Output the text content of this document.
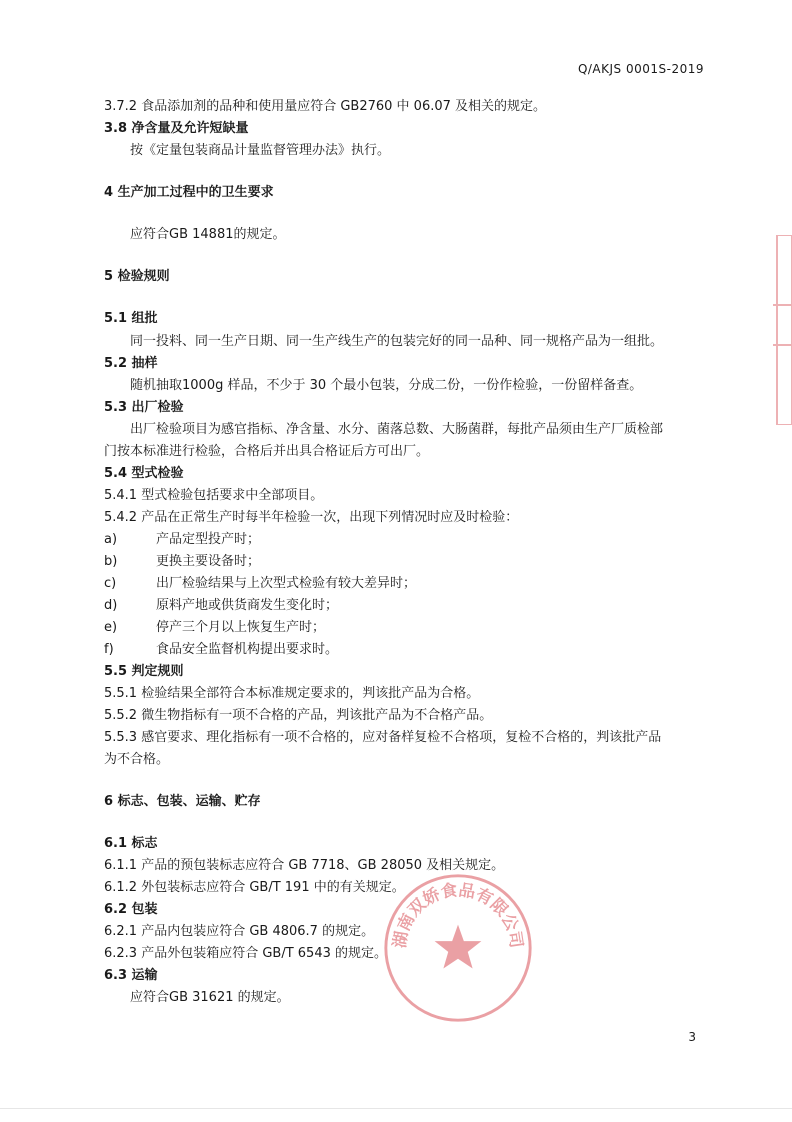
Q/AKJS 0001S-2019
3.7.2 食品添加剂的品种和使用量应符合 GB2760 中 06.07 及相关的规定。
3.8 净含量及允许短缺量
按《定量包装商品计量监督管理办法》执行。
4 生产加工过程中的卫生要求
应符合GB 14881的规定。
5 检验规则
5.1 组批
同一投料、同一生产日期、同一生产线生产的包装完好的同一品种、同一规格产品为一组批。
5.2 抽样
随机抽取1000g 样品，不少于 30 个最小包装，分成二份，一份作检验，一份留样备查。
5.3 出厂检验
出厂检验项目为感官指标、净含量、水分、菌落总数、大肠菌群，每批产品须由生产厂质检部
门按本标准进行检验，合格后并出具合格证后方可出厂。
5.4 型式检验
5.4.1 型式检验包括要求中全部项目。
5.4.2 产品在正常生产时每半年检验一次，出现下列情况时应及时检验：
a)	产品定型投产时；
b)	更换主要设备时；
c)	出厂检验结果与上次型式检验有较大差异时；
d)	原料产地或供货商发生变化时；
e)	停产三个月以上恢复生产时；
f)	食品安全监督机构提出要求时。
5.5 判定规则
5.5.1 检验结果全部符合本标准规定要求的，判该批产品为合格。
5.5.2 微生物指标有一项不合格的产品，判该批产品为不合格产品。
5.5.3 感官要求、理化指标有一项不合格的，应对备样复检不合格项，复检不合格的，判该批产品
为不合格。
6 标志、包装、运输、贮存
6.1 标志
6.1.1 产品的预包装标志应符合 GB 7718、GB 28050 及相关规定。
6.1.2 外包装标志应符合 GB/T 191 中的有关规定。
6.2 包装
6.2.1 产品内包装应符合 GB 4806.7 的规定。
6.2.3 产品外包装箱应符合 GB/T 6543 的规定。
6.3 运输
应符合GB 31621 的规定。
湖南双娇食品有限公司
3
